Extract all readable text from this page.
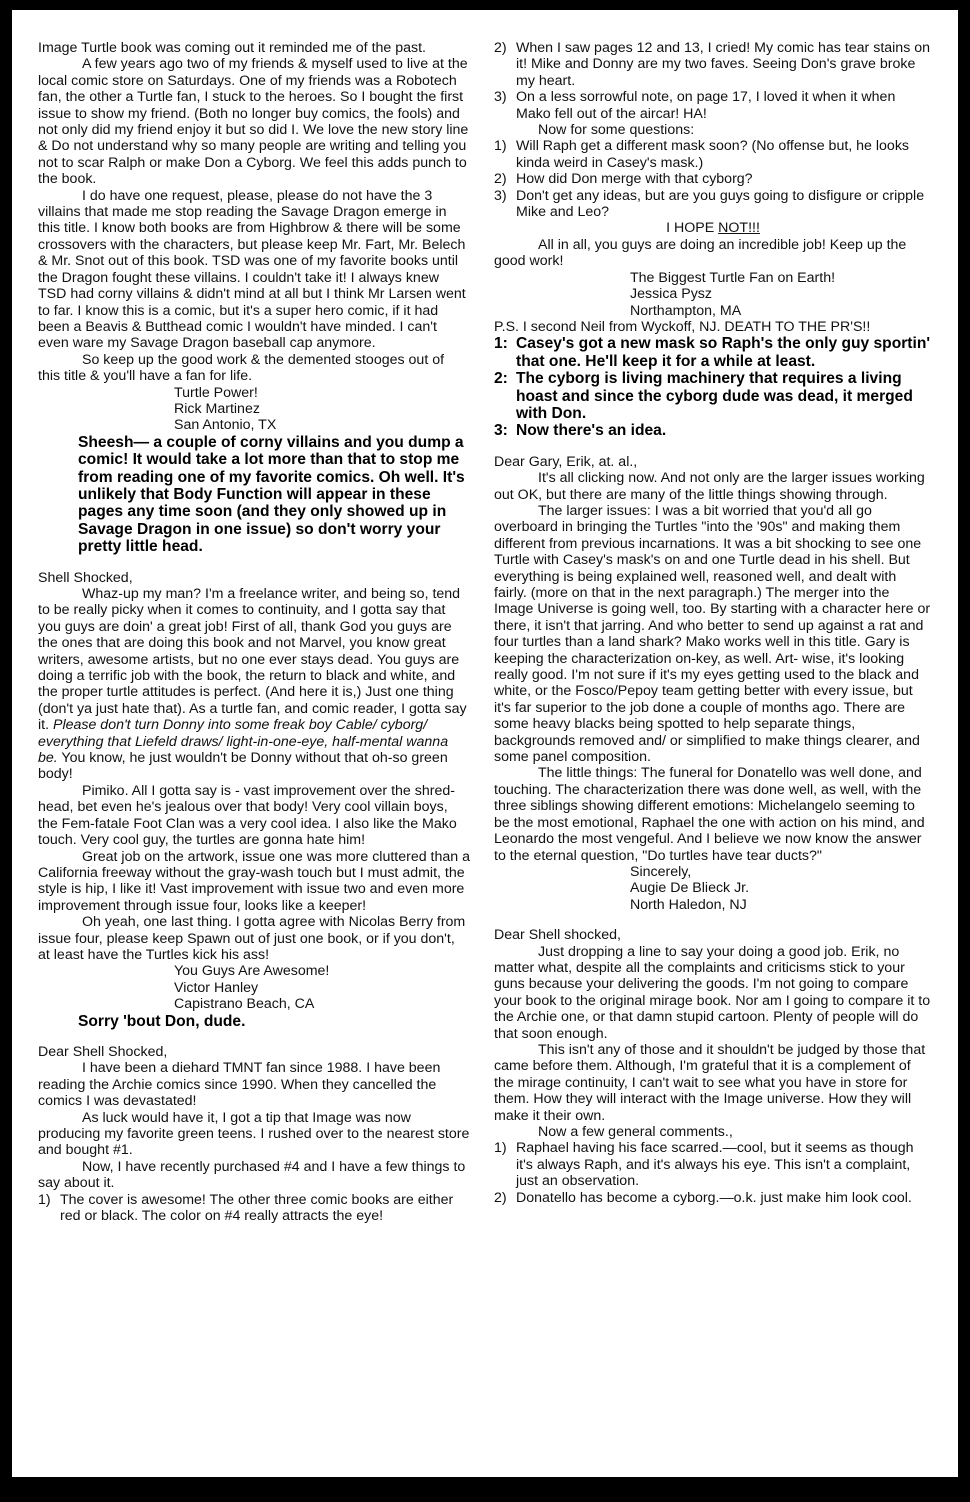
Image Turtle book was coming out it reminded me of the past.

A few years ago two of my friends & myself used to live at the local comic store on Saturdays. One of my friends was a Robotech fan, the other a Turtle fan, I stuck to the heroes. So I bought the first issue to show my friend. (Both no longer buy comics, the fools) and not only did my friend enjoy it but so did I. We love the new story line & Do not understand why so many people are writing and telling you not to scar Ralph or make Don a Cyborg. We feel this adds punch to the book.

I do have one request, please, please do not have the 3 villains that made me stop reading the Savage Dragon emerge in this title. I know both books are from Highbrow & there will be some crossovers with the characters, but please keep Mr. Fart, Mr. Belech & Mr. Snot out of this book. TSD was one of my favorite books until the Dragon fought these villains. I couldn't take it! I always knew TSD had corny villains & didn't mind at all but I think Mr Larsen went to far. I know this is a comic, but it's a super hero comic, if it had been a Beavis & Butthead comic I wouldn't have minded. I can't even ware my Savage Dragon baseball cap anymore.

So keep up the good work & the demented stooges out of this title & you'll have a fan for life.

Turtle Power!
Rick Martinez
San Antonio, TX

Sheesh— a couple of corny villains and you dump a comic! It would take a lot more than that to stop me from reading one of my favorite comics. Oh well. It's unlikely that Body Function will appear in these pages any time soon (and they only showed up in Savage Dragon in one issue) so don't worry your pretty little head.

Shell Shocked,

Whaz-up my man? I'm a freelance writer, and being so, tend to be really picky when it comes to continuity, and I gotta say that you guys are doin' a great job! First of all, thank God you guys are the ones that are doing this book and not Marvel, you know great writers, awesome artists, but no one ever stays dead. You guys are doing a terrific job with the book, the return to black and white, and the proper turtle attitudes is perfect. (And here it is,) Just one thing (don't ya just hate that). As a turtle fan, and comic reader, I gotta say it. Please don't turn Donny into some freak boy Cable/ cyborg/ everything that Liefeld draws/ light-in-one-eye, half-mental wanna be. You know, he just wouldn't be Donny without that oh-so green body!

Pimiko. All I gotta say is - vast improvement over the shred-head, bet even he's jealous over that body! Very cool villain boys, the Fem-fatale Foot Clan was a very cool idea. I also like the Mako touch. Very cool guy, the turtles are gonna hate him!

Great job on the artwork, issue one was more cluttered than a California freeway without the gray-wash touch but I must admit, the style is hip, I like it! Vast improvement with issue two and even more improvement through issue four, looks like a keeper!

Oh yeah, one last thing. I gotta agree with Nicolas Berry from issue four, please keep Spawn out of just one book, or if you don't, at least have the Turtles kick his ass!

You Guys Are Awesome!
Victor Hanley
Capistrano Beach, CA

Sorry 'bout Don, dude.

Dear Shell Shocked,

I have been a diehard TMNT fan since 1988. I have been reading the Archie comics since 1990. When they cancelled the comics I was devastated!

As luck would have it, I got a tip that Image was now producing my favorite green teens. I rushed over to the nearest store and bought #1.

Now, I have recently purchased #4 and I have a few things to say about it.

1) The cover is awesome! The other three comic books are either red or black. The color on #4 really attracts the eye!
2) When I saw pages 12 and 13, I cried! My comic has tear stains on it! Mike and Donny are my two faves. Seeing Don's grave broke my heart.
3) On a less sorrowful note, on page 17, I loved it when it when Mako fell out of the aircar! HA!

Now for some questions:

1) Will Raph get a different mask soon? (No offense but, he looks kinda weird in Casey's mask.)
2) How did Don merge with that cyborg?
3) Don't get any ideas, but are you guys going to disfigure or cripple Mike and Leo?

I HOPE NOT!!!

All in all, you guys are doing an incredible job! Keep up the good work!

The Biggest Turtle Fan on Earth!
Jessica Pysz
Northampton, MA

P.S. I second Neil from Wyckoff, NJ. DEATH TO THE PR'S!!

1: Casey's got a new mask so Raph's the only guy sportin' that one. He'll keep it for a while at least.
2: The cyborg is living machinery that requires a living hoast and since the cyborg dude was dead, it merged with Don.
3: Now there's an idea.

Dear Gary, Erik, at. al.,

It's all clicking now. And not only are the larger issues working out OK, but there are many of the little things showing through.

The larger issues: I was a bit worried that you'd all go overboard in bringing the Turtles "into the '90s" and making them different from previous incarnations. It was a bit shocking to see one Turtle with Casey's mask's on and one Turtle dead in his shell. But everything is being explained well, reasoned well, and dealt with fairly. (more on that in the next paragraph.) The merger into the Image Universe is going well, too. By starting with a character here or there, it isn't that jarring. And who better to send up against a rat and four turtles than a land shark? Mako works well in this title. Gary is keeping the characterization on-key, as well. Art- wise, it's looking really good. I'm not sure if it's my eyes getting used to the black and white, or the Fosco/Pepoy team getting better with every issue, but it's far superior to the job done a couple of months ago. There are some heavy blacks being spotted to help separate things, backgrounds removed and/ or simplified to make things clearer, and some panel composition.

The little things: The funeral for Donatello was well done, and touching. The characterization there was done well, as well, with the three siblings showing different emotions: Michelangelo seeming to be the most emotional, Raphael the one with action on his mind, and Leonardo the most vengeful. And I believe we now know the answer to the eternal question, "Do turtles have tear ducts?"

Sincerely,
Augie De Blieck Jr.
North Haledon, NJ

Dear Shell shocked,

Just dropping a line to say your doing a good job. Erik, no matter what, despite all the complaints and criticisms stick to your guns because your delivering the goods. I'm not going to compare your book to the original mirage book. Nor am I going to compare it to the Archie one, or that damn stupid cartoon. Plenty of people will do that soon enough.

This isn't any of those and it shouldn't be judged by those that came before them. Although, I'm grateful that it is a complement of the mirage continuity, I can't wait to see what you have in store for them. How they will interact with the Image universe. How they will make it their own.

Now a few general comments.,

1) Raphael having his face scarred.—cool, but it seems as though it's always Raph, and it's always his eye. This isn't a complaint, just an observation.
2) Donatello has become a cyborg.—o.k. just make him look cool.
